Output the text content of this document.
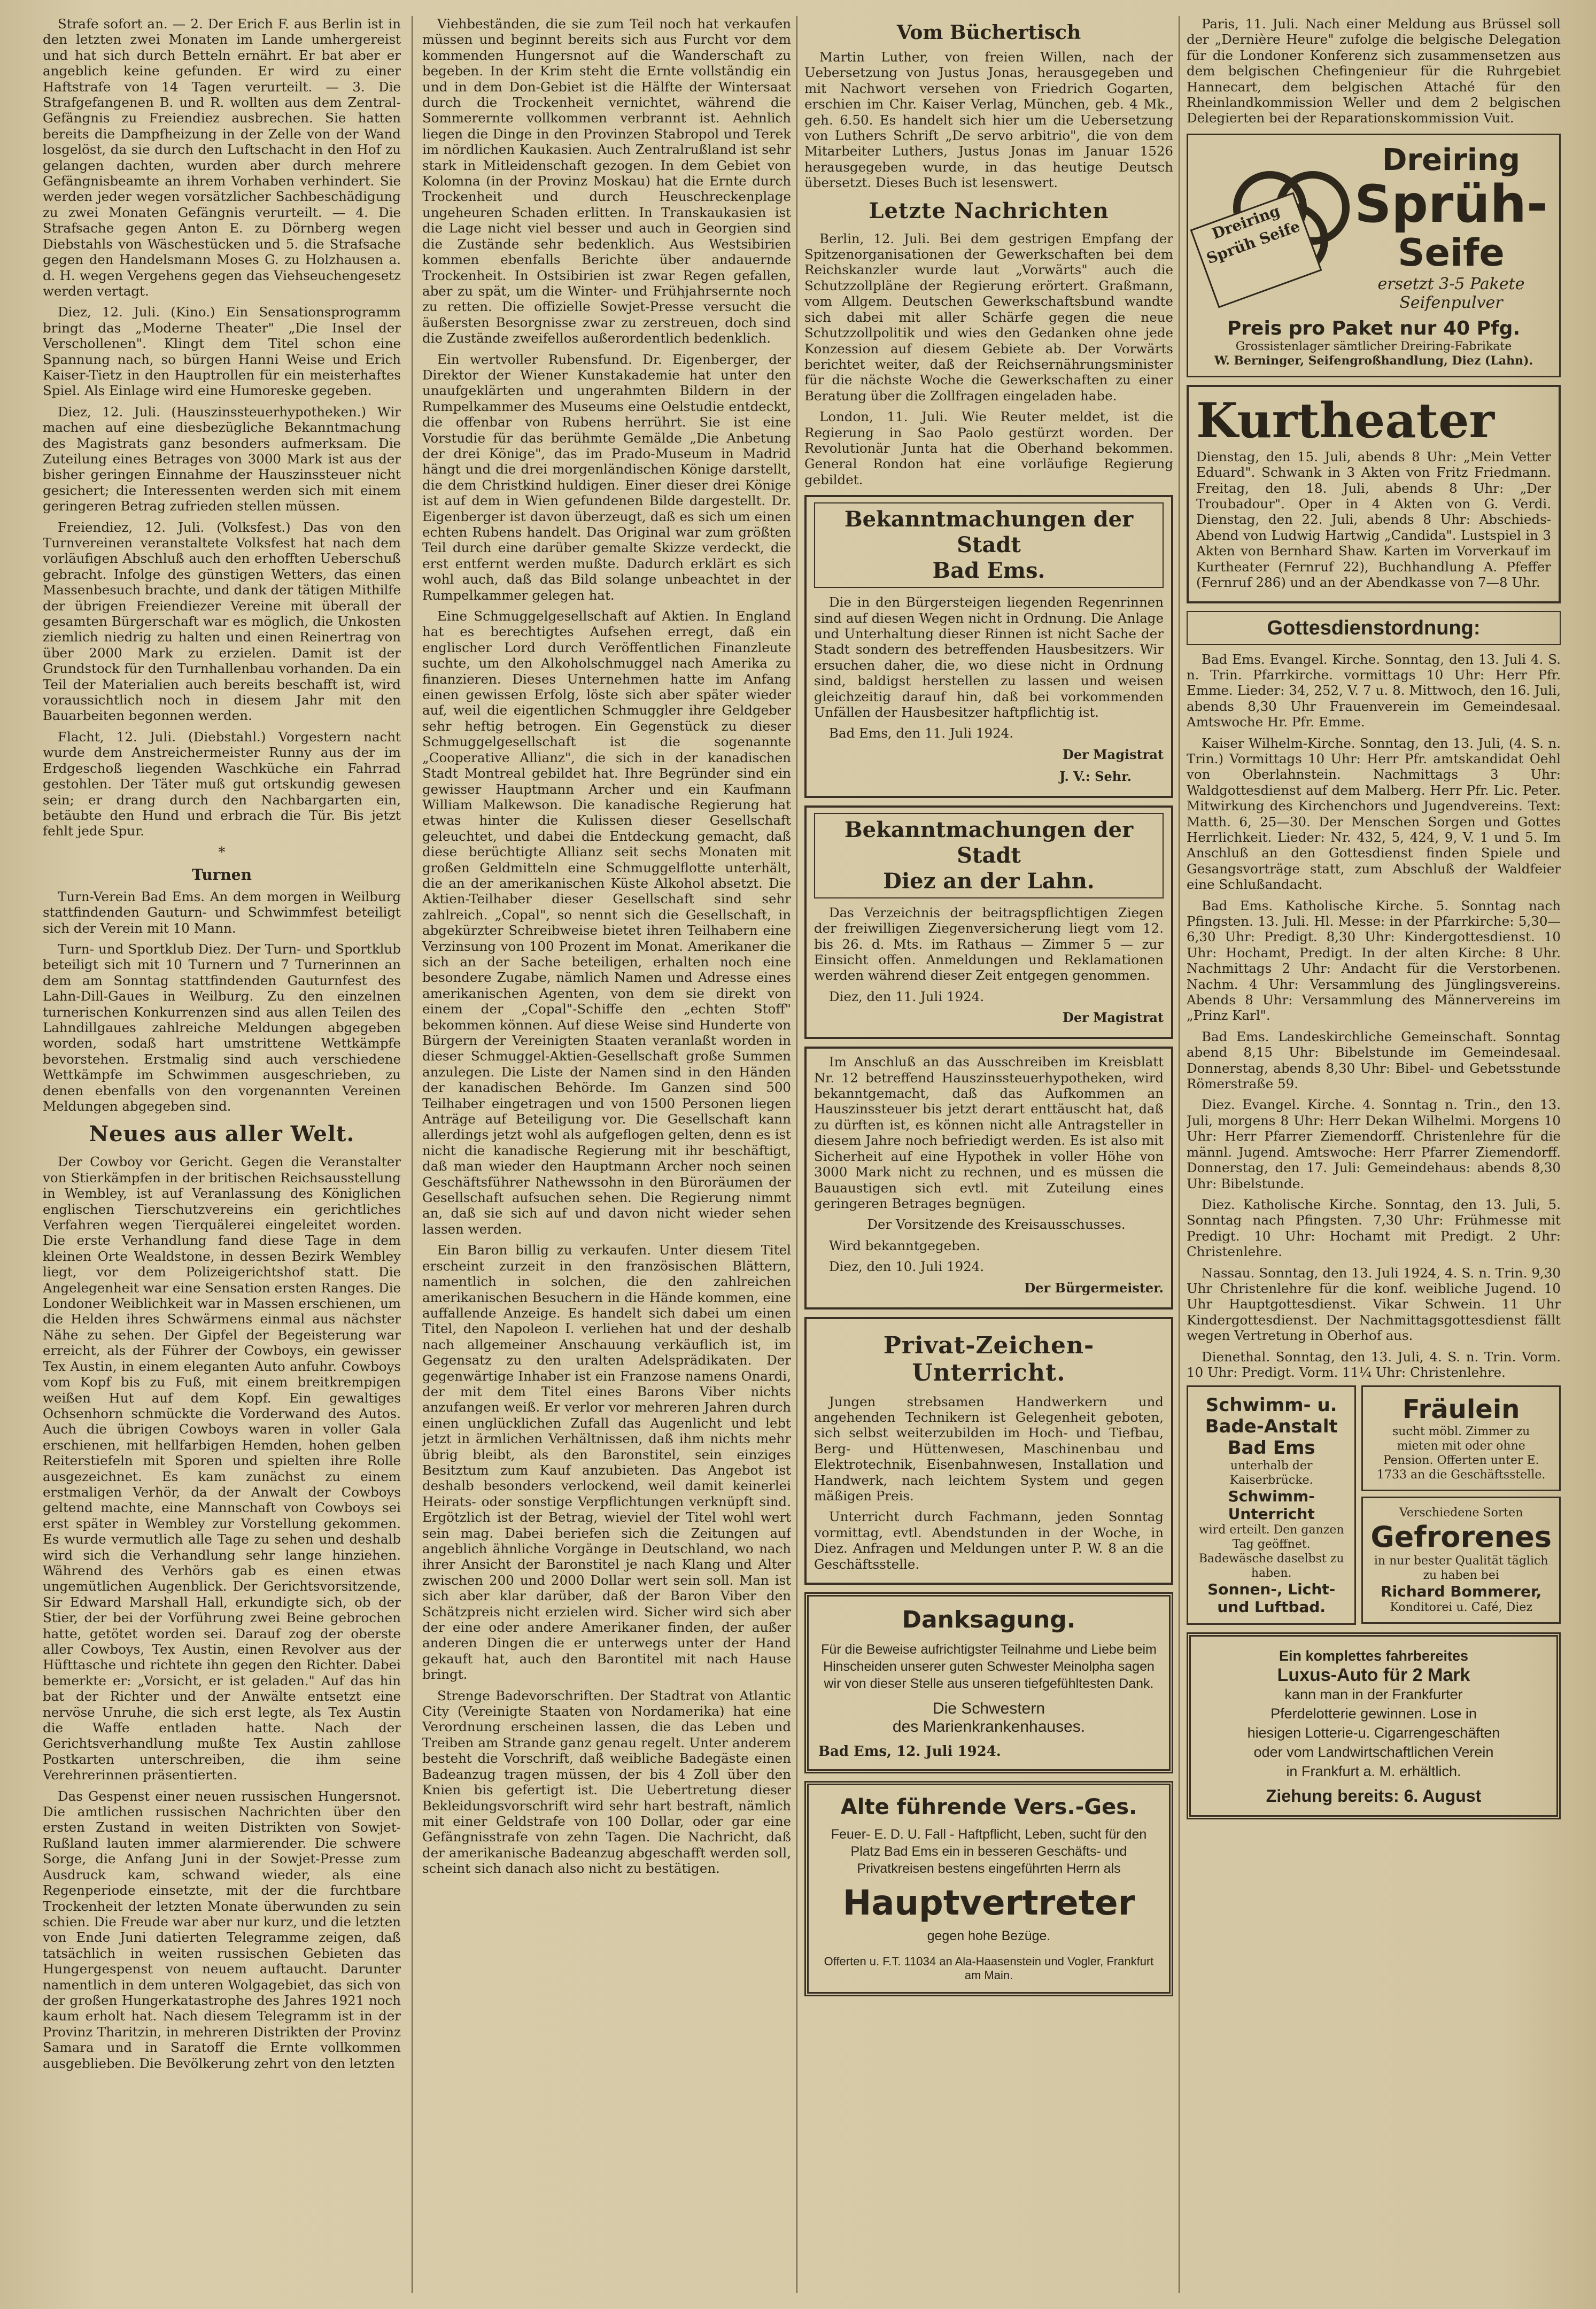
Strafe sofort an. — 2. Der Erich F. aus Berlin ist in den letzten zwei Monaten im Lande umhergereist und hat sich durch Betteln ernährt. Er bat aber er angeblich keine gefunden. Er wird zu einer Haftstrafe von 14 Tagen verurteilt. — 3. Die Strafgefangenen B. und R. wollten aus dem Zentral-Gefängnis zu Freiendiez ausbrechen. Sie hatten bereits die Dampfheizung in der Zelle von der Wand losgelöst, da sie durch den Luftschacht in den Hof zu gelangen dachten, wurden aber durch mehrere Gefängnisbeamte an ihrem Vorhaben verhindert. Sie werden jeder wegen vorsätzlicher Sachbeschädigung zu zwei Monaten Gefängnis verurteilt. — 4. Die Strafsache gegen Anton E. zu Dörnberg wegen Diebstahls von Wäschestücken und 5. die Strafsache gegen den Handelsmann Moses G. zu Holzhausen a. d. H. wegen Vergehens gegen das Viehseuchengesetz werden vertagt.

Diez, 12. Juli. (Kino.) Ein Sensationsprogramm bringt das „Moderne Theater" „Die Insel der Verschollenen". Klingt dem Titel schon eine Spannung nach, so bürgen Hanni Weise und Erich Kaiser-Tietz in den Hauptrollen für ein meisterhaftes Spiel. Als Einlage wird eine Humoreske gegeben.

Diez, 12. Juli. (Hauszinssteuerhypotheken.) Wir machen auf eine diesbezügliche Bekanntmachung des Magistrats ganz besonders aufmerksam. Die Zuteilung eines Betrages von 3000 Mark ist aus der bisher geringen Einnahme der Hauszinssteuer nicht gesichert; die Interessenten werden sich mit einem geringeren Betrag zufrieden stellen müssen.

Freiendiez, 12. Juli. (Volksfest.) Das von den Turnvereinen veranstaltete Volksfest hat nach dem vorläufigen Abschluß auch den erhofften Ueberschuß gebracht. Infolge des günstigen Wetters, das einen Massenbesuch brachte, und dank der tätigen Mithilfe der übrigen Freiendiezer Vereine mit überall der gesamten Bürgerschaft war es möglich, die Unkosten ziemlich niedrig zu halten und einen Reinertrag von über 2000 Mark zu erzielen. Damit ist der Grundstock für den Turnhallenbau vorhanden. Da ein Teil der Materialien auch bereits beschafft ist, wird voraussichtlich noch in diesem Jahr mit den Bauarbeiten begonnen werden.

Flacht, 12. Juli. (Diebstahl.) Vorgestern nacht wurde dem Anstreichermeister Runny aus der im Erdgeschoß liegenden Waschküche ein Fahrrad gestohlen. Der Täter muß gut ortskundig gewesen sein; er drang durch den Nachbargarten ein, betäubte den Hund und erbrach die Tür. Bis jetzt fehlt jede Spur.

*
Turnen

Turn-Verein Bad Ems. An dem morgen in Weilburg stattfindenden Gauturn- und Schwimmfest beteiligt sich der Verein mit 10 Mann.

Turn- und Sportklub Diez. Der Turn- und Sportklub beteiligt sich mit 10 Turnern und 7 Turnerinnen an dem am Sonntag stattfindenden Gauturnfest des Lahn-Dill-Gaues in Weilburg. Zu den einzelnen turnerischen Konkurrenzen sind aus allen Teilen des Lahndillgaues zahlreiche Meldungen abgegeben worden, sodaß hart umstrittene Wettkämpfe bevorstehen. Erstmalig sind auch verschiedene Wettkämpfe im Schwimmen ausgeschrieben, zu denen ebenfalls von den vorgenannten Vereinen Meldungen abgegeben sind.

Neues aus aller Welt.

Der Cowboy vor Gericht. Gegen die Veranstalter von Stierkämpfen in der britischen Reichsausstellung in Wembley, ist auf Veranlassung des Königlichen englischen Tierschutzvereins ein gerichtliches Verfahren wegen Tierquälerei eingeleitet worden. Die erste Verhandlung fand diese Tage in dem kleinen Orte Wealdstone, in dessen Bezirk Wembley liegt, vor dem Polizeigerichtshof statt. Die Angelegenheit war eine Sensation ersten Ranges. Die Londoner Weiblichkeit war in Massen erschienen, um die Helden ihres Schwärmens einmal aus nächster Nähe zu sehen. Der Gipfel der Begeisterung war erreicht, als der Führer der Cowboys, ein gewisser Tex Austin, in einem eleganten Auto anfuhr. Cowboys vom Kopf bis zu Fuß, mit einem breitkrempigen weißen Hut auf dem Kopf. Ein gewaltiges Ochsenhorn schmückte die Vorderwand des Autos. Auch die übrigen Cowboys waren in voller Gala erschienen, mit hellfarbigen Hemden, hohen gelben Reiterstiefeln mit Sporen und spielten ihre Rolle ausgezeichnet. Es kam zunächst zu einem erstmaligen Verhör, da der Anwalt der Cowboys geltend machte, eine Mannschaft von Cowboys sei erst später in Wembley zur Vorstellung gekommen. Es wurde vermutlich alle Tage zu sehen und deshalb wird sich die Verhandlung sehr lange hinziehen. Während des Verhörs gab es einen etwas ungemütlichen Augenblick. Der Gerichtsvorsitzende, Sir Edward Marshall Hall, erkundigte sich, ob der Stier, der bei der Vorführung zwei Beine gebrochen hatte, getötet worden sei. Darauf zog der oberste aller Cowboys, Tex Austin, einen Revolver aus der Hüfttasche und richtete ihn gegen den Richter. Dabei bemerkte er: „Vorsicht, er ist geladen." Auf das hin bat der Richter und der Anwälte entsetzt eine nervöse Unruhe, die sich erst legte, als Tex Austin die Waffe entladen hatte. Nach der Gerichtsverhandlung mußte Tex Austin zahllose Postkarten unterschreiben, die ihm seine Verehrerinnen präsentierten.

Das Gespenst einer neuen russischen Hungersnot. Die amtlichen russischen Nachrichten über den ersten Zustand in weiten Distrikten von Sowjet-Rußland lauten immer alarmierender. Die schwere Sorge, die Anfang Juni in der Sowjet-Presse zum Ausdruck kam, schwand wieder, als eine Regenperiode einsetzte, mit der die furchtbare Trockenheit der letzten Monate überwunden zu sein schien. Die Freude war aber nur kurz, und die letzten von Ende Juni datierten Telegramme zeigen, daß tatsächlich in weiten russischen Gebieten das Hungergespenst von neuem auftaucht. Darunter namentlich in dem unteren Wolgagebiet, das sich von der großen Hungerkatastrophe des Jahres 1921 noch kaum erholt hat. Nach diesem Telegramm ist in der Provinz Tharitzin, in mehreren Distrikten der Provinz Samara und in Saratoff die Ernte vollkommen ausgeblieben. Die Bevölkerung zehrt von den letzten

Viehbeständen, die sie zum Teil noch hat verkaufen müssen und beginnt bereits sich aus Furcht vor dem kommenden Hungersnot auf die Wanderschaft zu begeben. In der Krim steht die Ernte vollständig ein und in dem Don-Gebiet ist die Hälfte der Wintersaat durch die Trockenheit vernichtet, während die Sommerernte vollkommen verbrannt ist. Aehnlich liegen die Dinge in den Provinzen Stabropol und Terek im nördlichen Kaukasien. Auch Zentralrußland ist sehr stark in Mitleidenschaft gezogen. In dem Gebiet von Kolomna (in der Provinz Moskau) hat die Ernte durch Trockenheit und durch Heuschreckenplage ungeheuren Schaden erlitten. In Transkaukasien ist die Lage nicht viel besser und auch in Georgien sind die Zustände sehr bedenklich. Aus Westsibirien kommen ebenfalls Berichte über andauernde Trockenheit. In Ostsibirien ist zwar Regen gefallen, aber zu spät, um die Winter- und Frühjahrsernte noch zu retten. Die offizielle Sowjet-Presse versucht die äußersten Besorgnisse zwar zu zerstreuen, doch sind die Zustände zweifellos außerordentlich bedenklich.

Ein wertvoller Rubensfund. Dr. Eigenberger, der Direktor der Wiener Kunstakademie hat unter den unaufgeklärten und ungerahmten Bildern in der Rumpelkammer des Museums eine Oelstudie entdeckt, die offenbar von Rubens herrührt. Sie ist eine Vorstudie für das berühmte Gemälde „Die Anbetung der drei Könige", das im Prado-Museum in Madrid hängt und die drei morgenländischen Könige darstellt, die dem Christkind huldigen. Einer dieser drei Könige ist auf dem in Wien gefundenen Bilde dargestellt. Dr. Eigenberger ist davon überzeugt, daß es sich um einen echten Rubens handelt. Das Original war zum größten Teil durch eine darüber gemalte Skizze verdeckt, die erst entfernt werden mußte. Dadurch erklärt es sich wohl auch, daß das Bild solange unbeachtet in der Rumpelkammer gelegen hat.

Eine Schmuggelgesellschaft auf Aktien. In England hat es berechtigtes Aufsehen erregt, daß ein englischer Lord durch Veröffentlichen Finanzleute suchte, um den Alkoholschmuggel nach Amerika zu finanzieren. Dieses Unternehmen hatte im Anfang einen gewissen Erfolg, löste sich aber später wieder auf, weil die eigentlichen Schmuggler ihre Geldgeber sehr heftig betrogen. Ein Gegenstück zu dieser Schmuggelgesellschaft ist die sogenannte „Cooperative Allianz", die sich in der kanadischen Stadt Montreal gebildet hat. Ihre Begründer sind ein gewisser Hauptmann Archer und ein Kaufmann William Malkewson. Die kanadische Regierung hat etwas hinter die Kulissen dieser Gesellschaft geleuchtet, und dabei die Entdeckung gemacht, daß diese berüchtigte Allianz seit sechs Monaten mit großen Geldmitteln eine Schmuggelflotte unterhält, die an der amerikanischen Küste Alkohol absetzt. Die Aktien-Teilhaber dieser Gesellschaft sind sehr zahlreich. „Copal", so nennt sich die Gesellschaft, in abgekürzter Schreibweise bietet ihren Teilhabern eine Verzinsung von 100 Prozent im Monat. Amerikaner die sich an der Sache beteiligen, erhalten noch eine besondere Zugabe, nämlich Namen und Adresse eines amerikanischen Agenten, von dem sie direkt von einem der „Copal"-Schiffe den „echten Stoff" bekommen können. Auf diese Weise sind Hunderte von Bürgern der Vereinigten Staaten veranlaßt worden in dieser Schmuggel-Aktien-Gesellschaft große Summen anzulegen. Die Liste der Namen sind in den Händen der kanadischen Behörde. Im Ganzen sind 500 Teilhaber eingetragen und von 1500 Personen liegen Anträge auf Beteiligung vor. Die Gesellschaft kann allerdings jetzt wohl als aufgeflogen gelten, denn es ist nicht die kanadische Regierung mit ihr beschäftigt, daß man wieder den Hauptmann Archer noch seinen Geschäftsführer Nathewssohn in den Büroräumen der Gesellschaft aufsuchen sehen. Die Regierung nimmt an, daß sie sich auf und davon nicht wieder sehen lassen werden.

Ein Baron billig zu verkaufen. Unter diesem Titel erscheint zurzeit in den französischen Blättern, namentlich in solchen, die den zahlreichen amerikanischen Besuchern in die Hände kommen, eine auffallende Anzeige. Es handelt sich dabei um einen Titel, den Napoleon I. verliehen hat und der deshalb nach allgemeiner Anschauung verkäuflich ist, im Gegensatz zu den uralten Adelsprädikaten. Der gegenwärtige Inhaber ist ein Franzose namens Onardi, der mit dem Titel eines Barons Viber nichts anzufangen weiß. Er verlor vor mehreren Jahren durch einen unglücklichen Zufall das Augenlicht und lebt jetzt in ärmlichen Verhältnissen, daß ihm nichts mehr übrig bleibt, als den Baronstitel, sein einziges Besitztum zum Kauf anzubieten. Das Angebot ist deshalb besonders verlockend, weil damit keinerlei Heirats- oder sonstige Verpflichtungen verknüpft sind. Ergötzlich ist der Betrag, wieviel der Titel wohl wert sein mag. Dabei beriefen sich die Zeitungen auf angeblich ähnliche Vorgänge in Deutschland, wo nach ihrer Ansicht der Baronstitel je nach Klang und Alter zwischen 200 und 2000 Dollar wert sein soll. Man ist sich aber klar darüber, daß der Baron Viber den Schätzpreis nicht erzielen wird. Sicher wird sich aber der eine oder andere Amerikaner finden, der außer anderen Dingen die er unterwegs unter der Hand gekauft hat, auch den Barontitel mit nach Hause bringt.

Strenge Badevorschriften. Der Stadtrat von Atlantic City (Vereinigte Staaten von Nordamerika) hat eine Verordnung erscheinen lassen, die das Leben und Treiben am Strande ganz genau regelt. Unter anderem besteht die Vorschrift, daß weibliche Badegäste einen Badeanzug tragen müssen, der bis 4 Zoll über den Knien bis gefertigt ist. Die Uebertretung dieser Bekleidungsvorschrift wird sehr hart bestraft, nämlich mit einer Geldstrafe von 100 Dollar, oder gar eine Gefängnisstrafe von zehn Tagen. Die Nachricht, daß der amerikanische Badeanzug abgeschafft werden soll, scheint sich danach also nicht zu bestätigen.

Vom Büchertisch

Martin Luther, von freien Willen, nach der Uebersetzung von Justus Jonas, herausgegeben und mit Nachwort versehen von Friedrich Gogarten, erschien im Chr. Kaiser Verlag, München, geb. 4 Mk., geh. 6.50. Es handelt sich hier um die Uebersetzung von Luthers Schrift „De servo arbitrio", die von dem Mitarbeiter Luthers, Justus Jonas im Januar 1526 herausgegeben wurde, in das heutige Deutsch übersetzt. Dieses Buch ist lesenswert.

Letzte Nachrichten

Berlin, 12. Juli. Bei dem gestrigen Empfang der Spitzenorganisationen der Gewerkschaften bei dem Reichskanzler wurde laut „Vorwärts" auch die Schutzzollpläne der Regierung erörtert. Graßmann, vom Allgem. Deutschen Gewerkschaftsbund wandte sich dabei mit aller Schärfe gegen die neue Schutzzollpolitik und wies den Gedanken ohne jede Konzession auf diesem Gebiete ab. Der Vorwärts berichtet weiter, daß der Reichsernährungsminister für die nächste Woche die Gewerkschaften zu einer Beratung über die Zollfragen eingeladen habe.

London, 11. Juli. Wie Reuter meldet, ist die Regierung in Sao Paolo gestürzt worden. Der Revolutionär Junta hat die Oberhand bekommen. General Rondon hat eine vorläufige Regierung gebildet.

Bekanntmachungen der Stadt
Bad Ems.

Die in den Bürgersteigen liegenden Regenrinnen sind auf diesen Wegen nicht in Ordnung. Die Anlage und Unterhaltung dieser Rinnen ist nicht Sache der Stadt sondern des betreffenden Hausbesitzers. Wir ersuchen daher, die, wo diese nicht in Ordnung sind, baldigst herstellen zu lassen und weisen gleichzeitig darauf hin, daß bei vorkommenden Unfällen der Hausbesitzer haftpflichtig ist.

Bad Ems, den 11. Juli 1924.

Der Magistrat
J. V.: Sehr.
Bekanntmachungen der Stadt
Diez an der Lahn.

Das Verzeichnis der beitragspflichtigen Ziegen der freiwilligen Ziegenversicherung liegt vom 12. bis 26. d. Mts. im Rathaus — Zimmer 5 — zur Einsicht offen. Anmeldungen und Reklamationen werden während dieser Zeit entgegen genommen.

Diez, den 11. Juli 1924.

Der Magistrat

Im Anschluß an das Ausschreiben im Kreisblatt Nr. 12 betreffend Hauszinssteuerhypotheken, wird bekanntgemacht, daß das Aufkommen an Hauszinssteuer bis jetzt derart enttäuscht hat, daß zu dürften ist, es können nicht alle Antragsteller in diesem Jahre noch befriedigt werden. Es ist also mit Sicherheit auf eine Hypothek in voller Höhe von 3000 Mark nicht zu rechnen, und es müssen die Bauaustigen sich evtl. mit Zuteilung eines geringeren Betrages begnügen.

Der Vorsitzende des Kreisausschusses.

Wird bekanntgegeben.

Diez, den 10. Juli 1924.

Der Bürgermeister.
Privat-Zeichen-Unterricht.

Jungen strebsamen Handwerkern und angehenden Technikern ist Gelegenheit geboten, sich selbst weiterzubilden im Hoch- und Tiefbau, Berg- und Hüttenwesen, Maschinenbau und Elektrotechnik, Eisenbahnwesen, Installation und Handwerk, nach leichtem System und gegen mäßigen Preis.

Unterricht durch Fachmann, jeden Sonntag vormittag, evtl. Abendstunden in der Woche, in Diez. Anfragen und Meldungen unter P. W. 8 an die Geschäftsstelle.

Danksagung.
Für die Beweise aufrichtigster Teilnahme und Liebe beim Hinscheiden unserer guten Schwester Meinolpha sagen wir von dieser Stelle aus unseren tiefgefühltesten Dank.
Die Schwestern
des Marienkrankenhauses.
Bad Ems, 12. Juli 1924.
Alte führende Vers.-Ges.
Feuer- E. D. U. Fall - Haftpflicht, Leben, sucht für den Platz Bad Ems ein in besseren Geschäfts- und Privatkreisen bestens eingeführten Herrn als
Hauptvertreter
gegen hohe Bezüge.
Offerten u. F.T. 11034 an Ala-Haasenstein und Vogler, Frankfurt am Main.

Paris, 11. Juli. Nach einer Meldung aus Brüssel soll der „Dernière Heure" zufolge die belgische Delegation für die Londoner Konferenz sich zusammensetzen aus dem belgischen Chefingenieur für die Ruhrgebiet Hannecart, dem belgischen Attaché für den Rheinlandkommission Weller und dem 2 belgischen Delegierten bei der Reparationskommission Vuit.

Dreiring Sprüh Seife
Dreiring
Sprüh-
Seife
ersetzt 3-5 Pakete
Seifenpulver
Preis pro Paket nur 40 Pfg.
Grossistenlager sämtlicher Dreiring-Fabrikate
W. Berninger, Seifengroßhandlung, Diez (Lahn).
Kurtheater

Dienstag, den 15. Juli, abends 8 Uhr: „Mein Vetter Eduard". Schwank in 3 Akten von Fritz Friedmann. Freitag, den 18. Juli, abends 8 Uhr: „Der Troubadour". Oper in 4 Akten von G. Verdi. Dienstag, den 22. Juli, abends 8 Uhr: Abschieds-Abend von Ludwig Hartwig „Candida". Lustspiel in 3 Akten von Bernhard Shaw. Karten im Vorverkauf im Kurtheater (Fernruf 22), Buchhandlung A. Pfeffer (Fernruf 286) und an der Abendkasse von 7—8 Uhr.

Gottesdienstordnung:

Bad Ems. Evangel. Kirche. Sonntag, den 13. Juli 4. S. n. Trin. Pfarrkirche. vormittags 10 Uhr: Herr Pfr. Emme. Lieder: 34, 252, V. 7 u. 8. Mittwoch, den 16. Juli, abends 8,30 Uhr Frauenverein im Gemeindesaal. Amtswoche Hr. Pfr. Emme.

Kaiser Wilhelm-Kirche. Sonntag, den 13. Juli, (4. S. n. Trin.) Vormittags 10 Uhr: Herr Pfr. amtskandidat Oehl von Oberlahnstein. Nachmittags 3 Uhr: Waldgottesdienst auf dem Malberg. Herr Pfr. Lic. Peter. Mitwirkung des Kirchenchors und Jugendvereins. Text: Matth. 6, 25—30. Der Menschen Sorgen und Gottes Herrlichkeit. Lieder: Nr. 432, 5, 424, 9, V. 1 und 5. Im Anschluß an den Gottesdienst finden Spiele und Gesangsvorträge statt, zum Abschluß der Waldfeier eine Schlußandacht.

Bad Ems. Katholische Kirche. 5. Sonntag nach Pfingsten. 13. Juli. Hl. Messe: in der Pfarrkirche: 5,30—6,30 Uhr: Predigt. 8,30 Uhr: Kindergottesdienst. 10 Uhr: Hochamt, Predigt. In der alten Kirche: 8 Uhr. Nachmittags 2 Uhr: Andacht für die Verstorbenen. Nachm. 4 Uhr: Versammlung des Jünglingsvereins. Abends 8 Uhr: Versammlung des Männervereins im „Prinz Karl".

Bad Ems. Landeskirchliche Gemeinschaft. Sonntag abend 8,15 Uhr: Bibelstunde im Gemeindesaal. Donnerstag, abends 8,30 Uhr: Bibel- und Gebetsstunde Römerstraße 59.

Diez. Evangel. Kirche. 4. Sonntag n. Trin., den 13. Juli, morgens 8 Uhr: Herr Dekan Wilhelmi. Morgens 10 Uhr: Herr Pfarrer Ziemendorff. Christenlehre für die männl. Jugend. Amtswoche: Herr Pfarrer Ziemendorff. Donnerstag, den 17. Juli: Gemeindehaus: abends 8,30 Uhr: Bibelstunde.

Diez. Katholische Kirche. Sonntag, den 13. Juli, 5. Sonntag nach Pfingsten. 7,30 Uhr: Frühmesse mit Predigt. 10 Uhr: Hochamt mit Predigt. 2 Uhr: Christenlehre.

Nassau. Sonntag, den 13. Juli 1924, 4. S. n. Trin. 9,30 Uhr Christenlehre für die konf. weibliche Jugend. 10 Uhr Hauptgottesdienst. Vikar Schwein. 11 Uhr Kindergottesdienst. Der Nachmittagsgottesdienst fällt wegen Vertretung in Oberhof aus.

Dienethal. Sonntag, den 13. Juli, 4. S. n. Trin. Vorm. 10 Uhr: Predigt. Vorm. 11¼ Uhr: Christenlehre.

Schwimm- u. Bade-Anstalt Bad Ems
unterhalb der Kaiserbrücke.
Schwimm-Unterricht
wird erteilt. Den ganzen Tag geöffnet. Badewäsche daselbst zu haben.
Sonnen-, Licht- und Luftbad.
Fräulein
sucht möbl. Zimmer zu mieten mit oder ohne Pension. Offerten unter E. 1733 an die Geschäftsstelle.
Verschiedene Sorten
Gefrorenes
in nur bester Qualität täglich zu haben bei
Richard Bommerer,
Konditorei u. Café, Diez
Ein komplettes fahrbereites
Luxus-Auto für 2 Mark
kann man in der Frankfurter
Pferdelotterie gewinnen. Lose in
hiesigen Lotterie-u. Cigarrengeschäften
oder vom Landwirtschaftlichen Verein
in Frankfurt a. M. erhältlich.
Ziehung bereits: 6. August
